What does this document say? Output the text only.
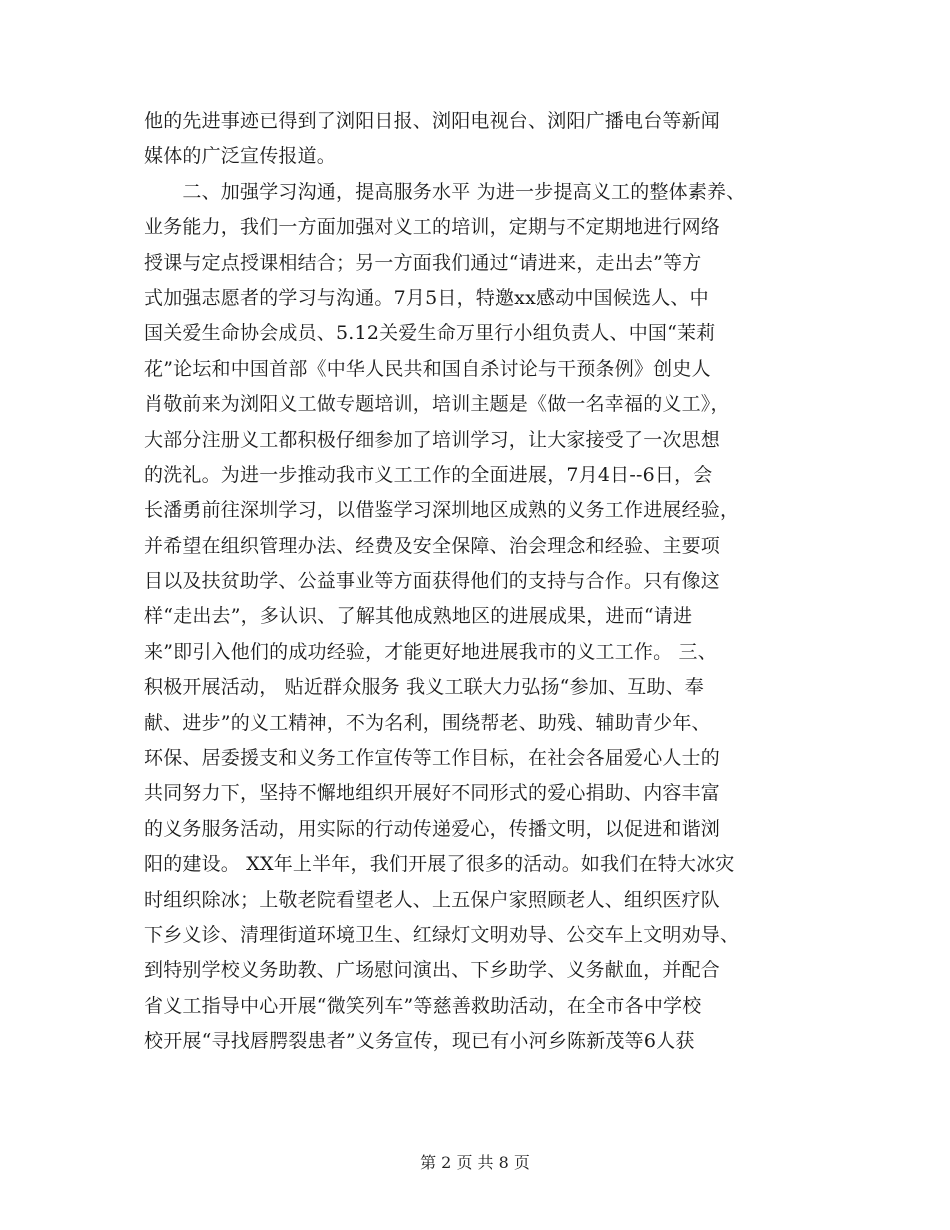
他的先进事迹已得到了浏阳日报、浏阳电视台、浏阳广播电台等新闻
媒体的广泛宣传报道。
　　二、加强学习沟通，提高服务水平 为进一步提高义工的整体素养、
业务能力，我们一方面加强对义工的培训，定期与不定期地进行网络
授课与定点授课相结合；另一方面我们通过“请进来，走出去”等方
式加强志愿者的学习与沟通。7月5日，特邀xx感动中国候选人、中
国关爱生命协会成员、5.12关爱生命万里行小组负责人、中国“茉莉
花”论坛和中国首部《中华人民共和国自杀讨论与干预条例》创史人
肖敬前来为浏阳义工做专题培训，培训主题是《做一名幸福的义工》，
大部分注册义工都积极仔细参加了培训学习，让大家接受了一次思想
的洗礼。为进一步推动我市义工工作的全面进展，7月4日--6日，会
长潘勇前往深圳学习，以借鉴学习深圳地区成熟的义务工作进展经验，
并希望在组织管理办法、经费及安全保障、治会理念和经验、主要项
目以及扶贫助学、公益事业等方面获得他们的支持与合作。只有像这
样“走出去”，多认识、了解其他成熟地区的进展成果，进而“请进
来”即引入他们的成功经验，才能更好地进展我市的义工工作。 三、
积极开展活动， 贴近群众服务 我义工联大力弘扬“参加、互助、奉
献、进步”的义工精神，不为名利，围绕帮老、助残、辅助青少年、
环保、居委援支和义务工作宣传等工作目标，在社会各届爱心人士的
共同努力下，坚持不懈地组织开展好不同形式的爱心捐助、内容丰富
的义务服务活动，用实际的行动传递爱心，传播文明，以促进和谐浏
阳的建设。 XX年上半年，我们开展了很多的活动。如我们在特大冰灾
时组织除冰；上敬老院看望老人、上五保户家照顾老人、组织医疗队
下乡义诊、清理街道环境卫生、红绿灯文明劝导、公交车上文明劝导、
到特别学校义务助教、广场慰问演出、下乡助学、义务献血，并配合
省义工指导中心开展“微笑列车”等慈善救助活动，在全市各中学校
校开展“寻找唇腭裂患者”义务宣传，现已有小河乡陈新茂等6人获
第 2 页 共 8 页
